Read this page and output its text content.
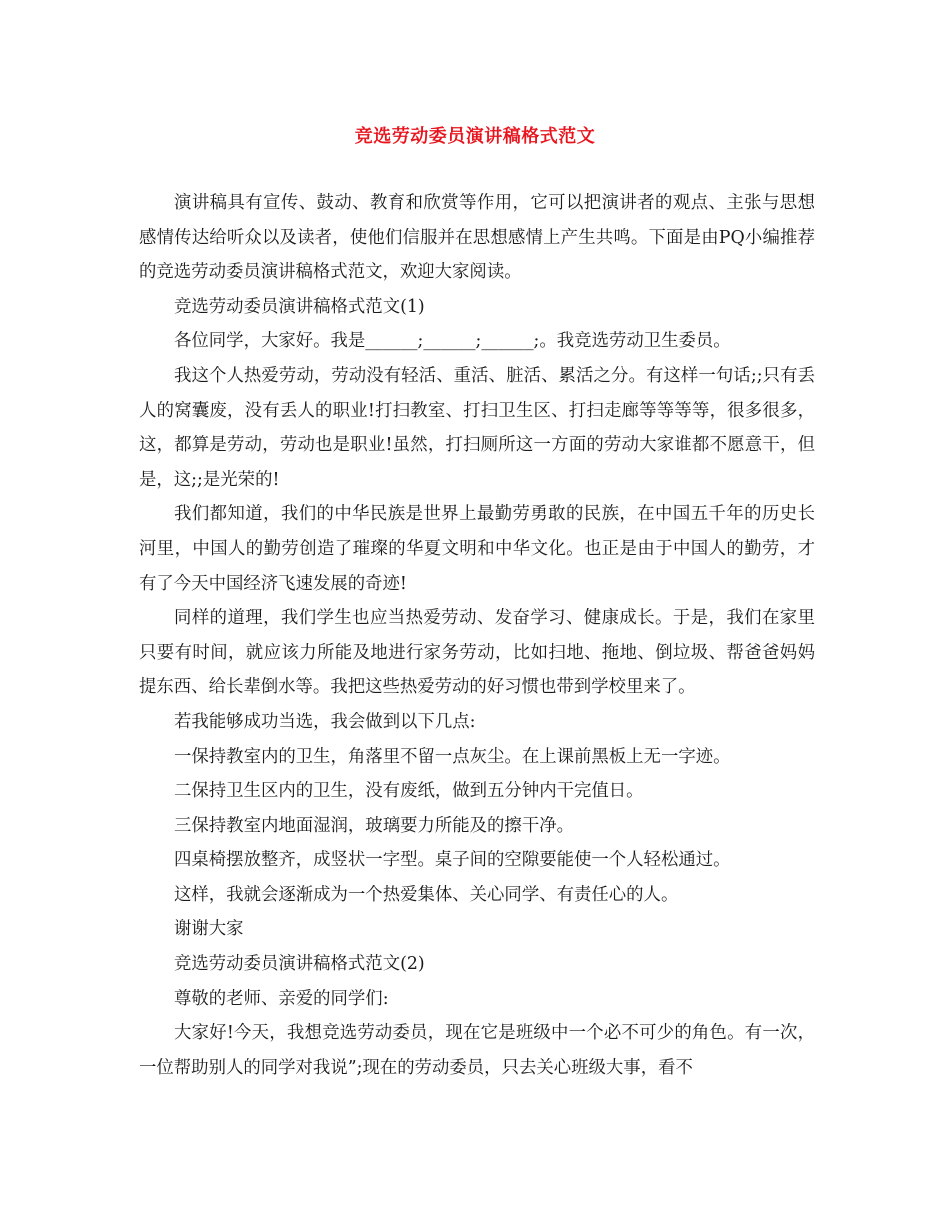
竞选劳动委员演讲稿格式范文

演讲稿具有宣传、鼓动、教育和欣赏等作用，它可以把演讲者的观点、主张与思想感情传达给听众以及读者，使他们信服并在思想感情上产生共鸣。下面是由PQ小编推荐的竞选劳动委员演讲稿格式范文，欢迎大家阅读。

竞选劳动委员演讲稿格式范文(1)

各位同学，大家好。我是______;______;______;。我竞选劳动卫生委员。

我这个人热爱劳动，劳动没有轻活、重活、脏活、累活之分。有这样一句话;;只有丢人的窝囊废，没有丢人的职业!打扫教室、打扫卫生区、打扫走廊等等等等，很多很多，这，都算是劳动，劳动也是职业!虽然，打扫厕所这一方面的劳动大家谁都不愿意干，但是，这;;是光荣的!

我们都知道，我们的中华民族是世界上最勤劳勇敢的民族，在中国五千年的历史长河里，中国人的勤劳创造了璀璨的华夏文明和中华文化。也正是由于中国人的勤劳，才有了今天中国经济飞速发展的奇迹!

同样的道理，我们学生也应当热爱劳动、发奋学习、健康成长。于是，我们在家里只要有时间，就应该力所能及地进行家务劳动，比如扫地、拖地、倒垃圾、帮爸爸妈妈提东西、给长辈倒水等。我把这些热爱劳动的好习惯也带到学校里来了。

若我能够成功当选，我会做到以下几点:

一保持教室内的卫生，角落里不留一点灰尘。在上课前黑板上无一字迹。

二保持卫生区内的卫生，没有废纸，做到五分钟内干完值日。

三保持教室内地面湿润，玻璃要力所能及的擦干净。

四桌椅摆放整齐，成竖状一字型。桌子间的空隙要能使一个人轻松通过。

这样，我就会逐渐成为一个热爱集体、关心同学、有责任心的人。

谢谢大家

竞选劳动委员演讲稿格式范文(2)

尊敬的老师、亲爱的同学们:

大家好!今天，我想竞选劳动委员，现在它是班级中一个必不可少的角色。有一次，一位帮助别人的同学对我说”;现在的劳动委员，只去关心班级大事，看不
